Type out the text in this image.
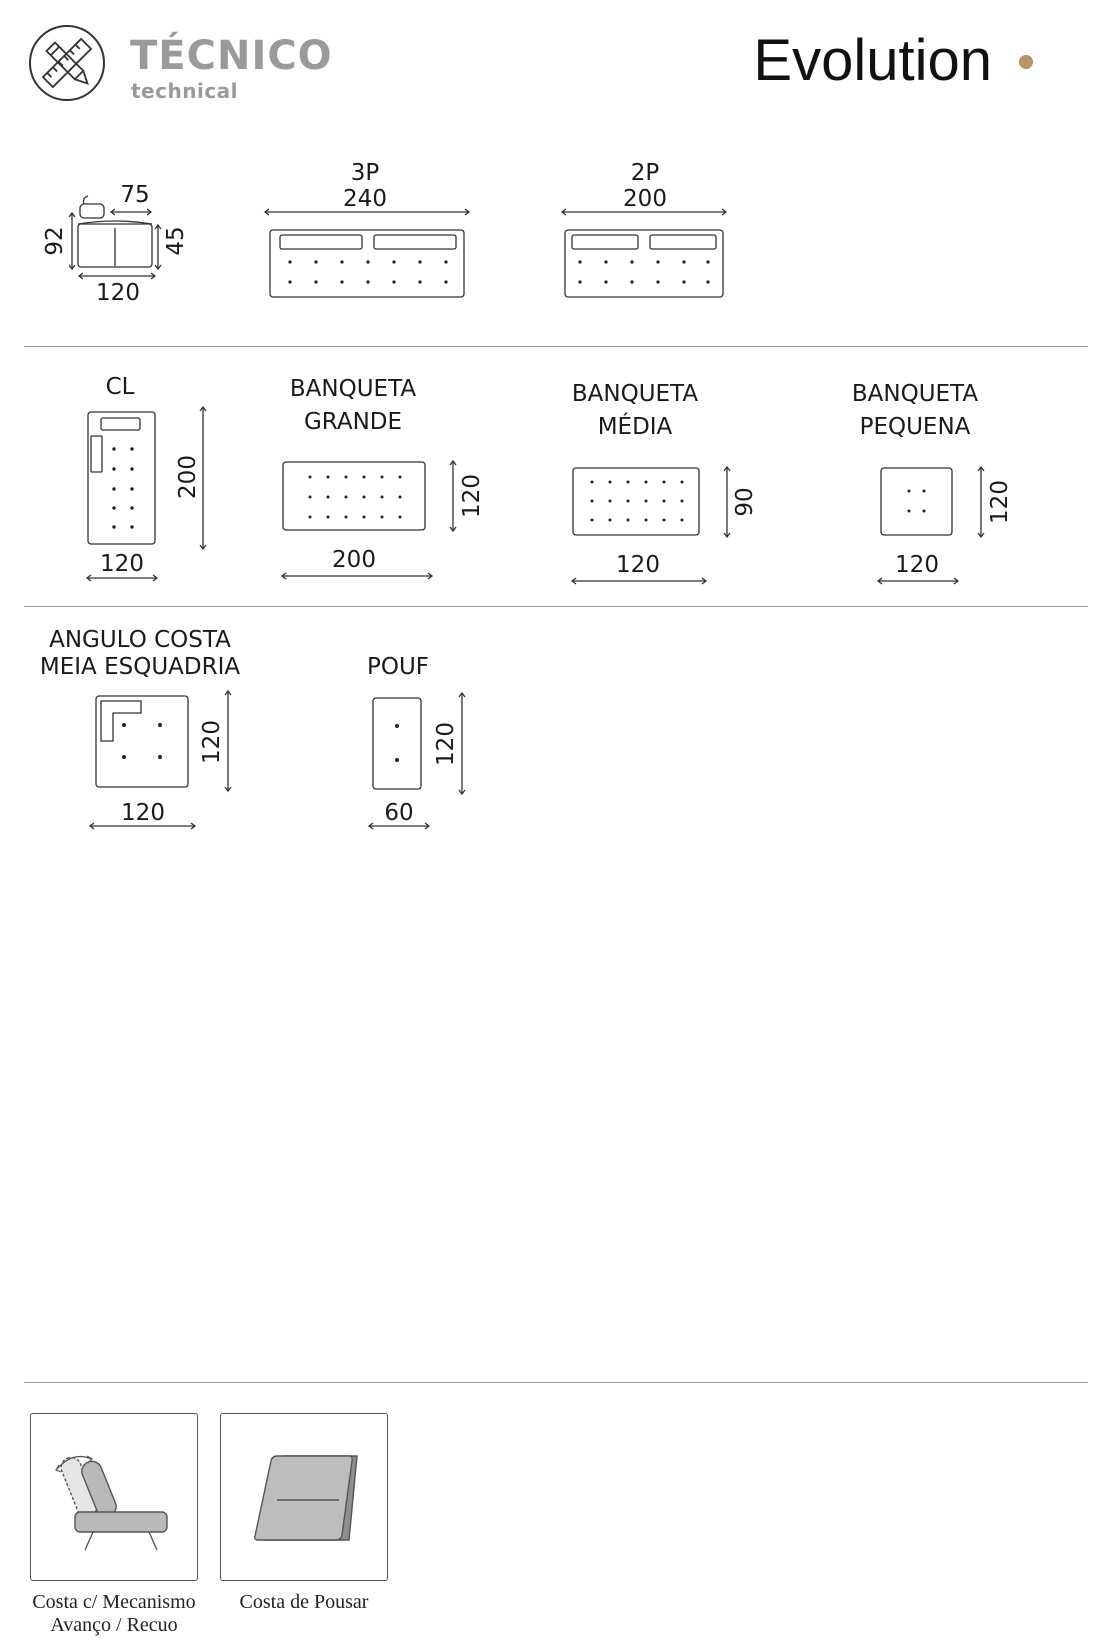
TÉCNICO
technical	Evolution
75
92	45
120
3P
240
2P
200
CL
200
120
BANQUETA
GRANDE
120
200
BANQUETA
MÉDIA
90
120
BANQUETA
PEQUENA
120
120
ANGULO COSTA
MEIA ESQUADRIA
120
120
POUF
120
60
Costa c/ Mecanismo
Avanço / Recuo
Costa de Pousar
